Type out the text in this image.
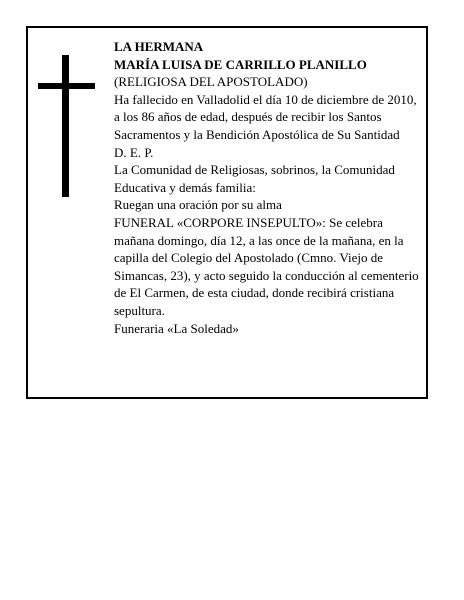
LA HERMANA

MARÍA LUISA DE CARRILLO PLANILLO

(RELIGIOSA DEL APOSTOLADO)

Ha fallecido en Valladolid el día 10 de diciembre de 2010, a los 86 años de edad, después de recibir los Santos Sacramentos y la Bendición Apostólica de Su Santidad

D. E. P.

La Comunidad de Religiosas, sobrinos, la Comunidad Educativa y demás familia:

Ruegan una oración por su alma

FUNERAL «CORPORE INSEPULTO»: Se celebra mañana domingo, día 12, a las once de la mañana, en la capilla del Colegio del Apostolado (Cmno. Viejo de Simancas, 23), y acto seguido la conducción al cementerio de El Carmen, de esta ciudad, donde recibirá cristiana sepultura.

Funeraria «La Soledad»
